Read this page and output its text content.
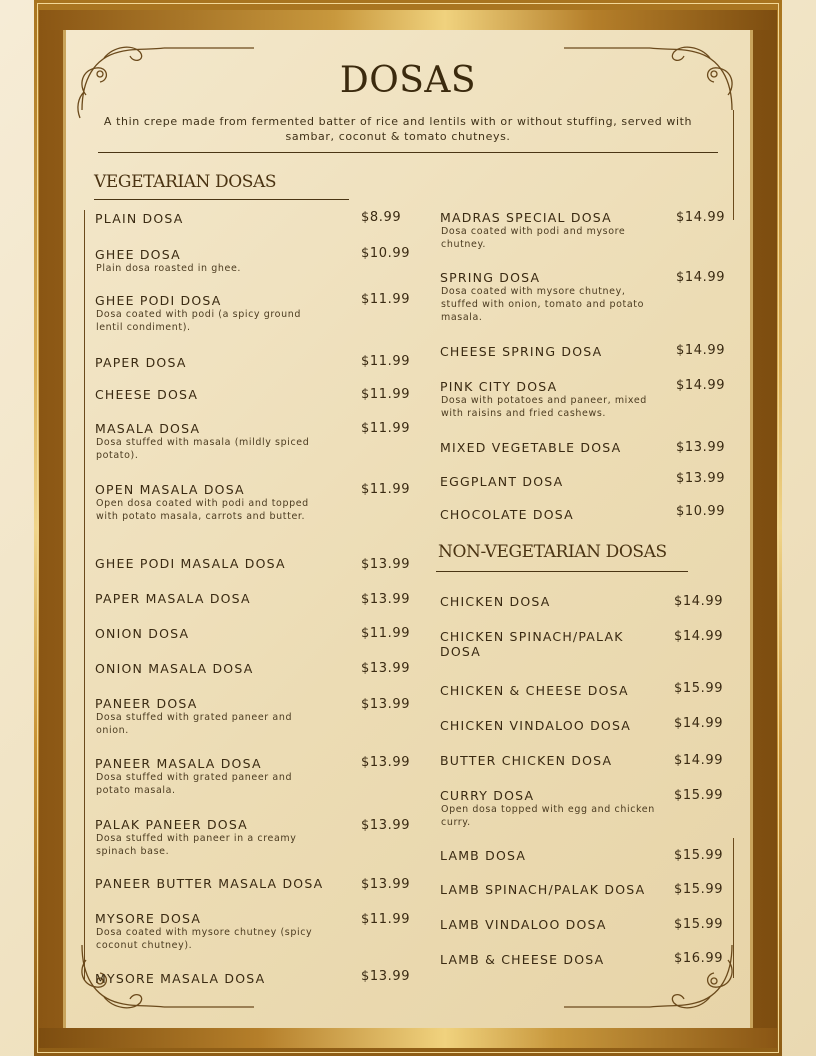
DOSAS
A thin crepe made from fermented batter of rice and lentils with or without stuffing, served with sambar, coconut & tomato chutneys.
VEGETARIAN DOSAS
NON-VEGETARIAN DOSAS
PLAIN DOSA	$8.99
GHEE DOSA	$10.99
Plain dosa roasted in ghee.
GHEE PODI DOSA	$11.99
Dosa coated with podi (a spicy ground lentil condiment).
PAPER DOSA	$11.99
CHEESE DOSA	$11.99
MASALA DOSA	$11.99
Dosa stuffed with masala (mildly spiced potato).
OPEN MASALA DOSA	$11.99
Open dosa coated with podi and topped with potato masala, carrots and butter.
GHEE PODI MASALA DOSA	$13.99
PAPER MASALA DOSA	$13.99
ONION DOSA	$11.99
ONION MASALA DOSA	$13.99
PANEER DOSA	$13.99
Dosa stuffed with grated paneer and onion.
PANEER MASALA DOSA	$13.99
Dosa stuffed with grated paneer and potato masala.
PALAK PANEER DOSA	$13.99
Dosa stuffed with paneer in a creamy spinach base.
PANEER BUTTER MASALA DOSA	$13.99
MYSORE DOSA	$11.99
Dosa coated with mysore chutney (spicy coconut chutney).
MYSORE MASALA DOSA	$13.99
MADRAS SPECIAL DOSA	$14.99
Dosa coated with podi and mysore chutney.
SPRING DOSA	$14.99
Dosa coated with mysore chutney, stuffed with onion, tomato and potato masala.
CHEESE SPRING DOSA	$14.99
PINK CITY DOSA	$14.99
Dosa with potatoes and paneer, mixed with raisins and fried cashews.
MIXED VEGETABLE DOSA	$13.99
EGGPLANT DOSA	$13.99
CHOCOLATE DOSA	$10.99
CHICKEN DOSA	$14.99
CHICKEN SPINACH/PALAK DOSA
$14.99
CHICKEN & CHEESE DOSA	$15.99
CHICKEN VINDALOO DOSA	$14.99
BUTTER CHICKEN DOSA	$14.99
CURRY DOSA	$15.99
Open dosa topped with egg and chicken curry.
LAMB DOSA	$15.99
LAMB SPINACH/PALAK DOSA	$15.99
LAMB VINDALOO DOSA	$15.99
LAMB & CHEESE DOSA	$16.99
